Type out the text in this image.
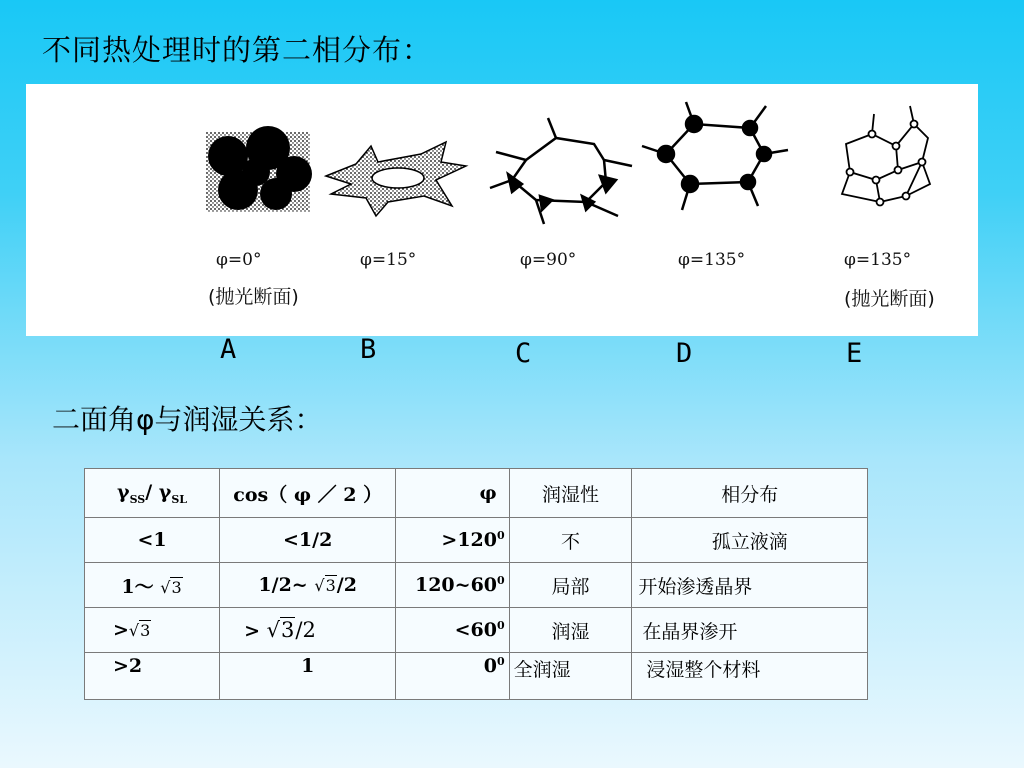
不同热处理时的第二相分布：
φ=0°	φ=15°	φ=90°	φ=135°	φ=135°
(抛光断面)	(抛光断面)
A	B	C	D	E
二面角φ与润湿关系：
$\gamma_{SS}/$ $\gamma_{SL}$	cos（ φ ／ 2 ）	φ	润湿性	相分布
<1	<1/2	$>120^0$	不	孤立液滴
1～ √3	1/2~ √3/2	$120\sim 60^0$	局部	开始渗透晶界
>√3	> √3/2	$<60^0$	润湿	在晶界渗开
>2	1	$0^0$	全润湿	浸湿整个材料
